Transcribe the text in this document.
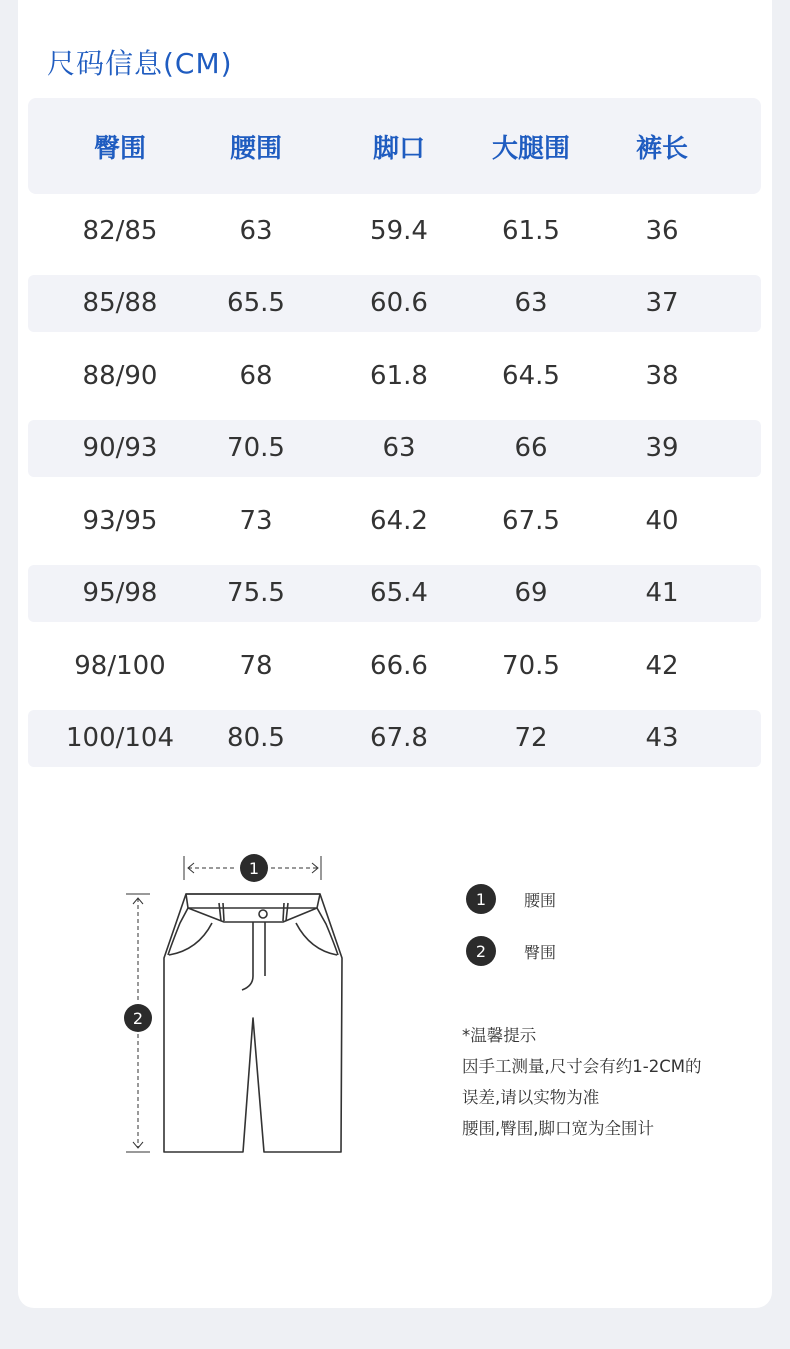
尺码信息(CM)
臀围	腰围	脚口	大腿围	裤长
82/85	63	59.4	61.5	36
85/88	65.5	60.6	63	37
88/90	68	61.8	64.5	38
90/93	70.5	63	66	39
93/95	73	64.2	67.5	40
95/98	75.5	65.4	69	41
98/100	78	66.6	70.5	42
100/104	80.5	67.8	72	43
1
2
1	腰围
2	臀围
*温馨提示
因手工测量,尺寸会有约1-2CM的
误差,请以实物为准
腰围,臀围,脚口宽为全围计
